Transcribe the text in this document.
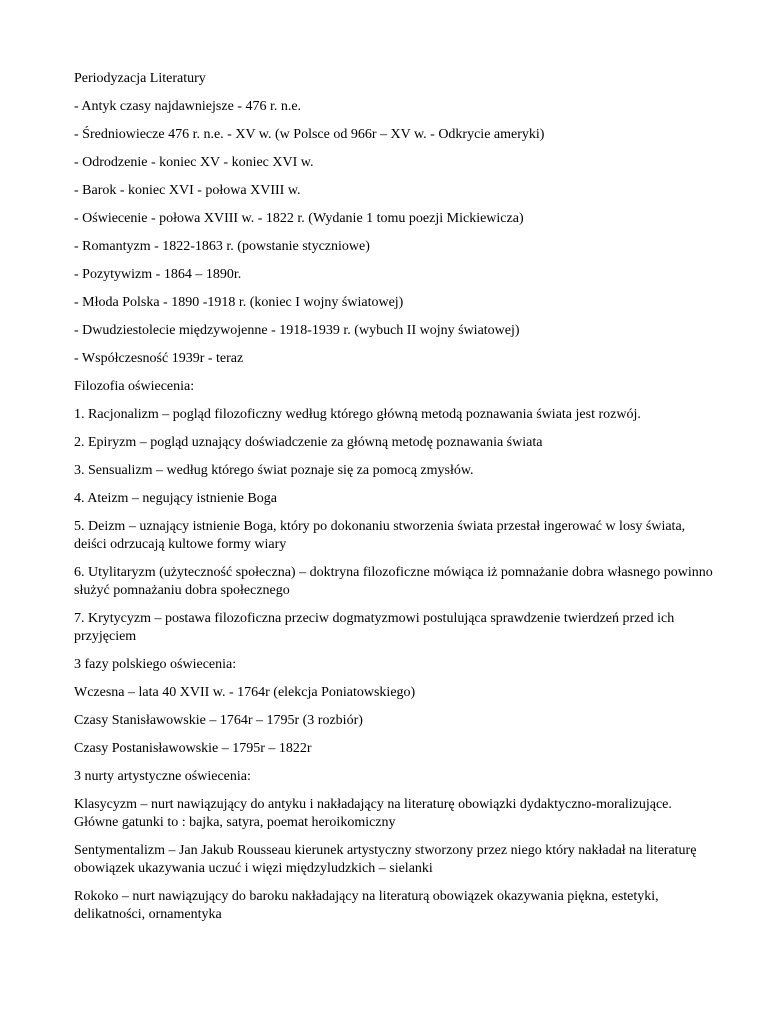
Periodyzacja Literatury

- Antyk czasy najdawniejsze - 476 r. n.e.

- Średniowiecze 476 r. n.e. - XV w. (w Polsce od 966r – XV w. - Odkrycie ameryki)

- Odrodzenie - koniec XV - koniec XVI w.

- Barok - koniec XVI - połowa XVIII w.

- Oświecenie - połowa XVIII w. - 1822 r. (Wydanie 1 tomu poezji Mickiewicza)

- Romantyzm - 1822-1863 r. (powstanie styczniowe)

- Pozytywizm - 1864 – 1890r.

- Młoda Polska - 1890 -1918 r. (koniec I wojny światowej)

- Dwudziestolecie międzywojenne - 1918-1939 r. (wybuch II wojny światowej)

- Współczesność 1939r - teraz

Filozofia oświecenia:

1. Racjonalizm – pogląd filozoficzny według którego główną metodą poznawania świata jest rozwój.

2. Epiryzm – pogląd uznający doświadczenie za główną metodę poznawania świata

3. Sensualizm – według którego świat poznaje się za pomocą zmysłów.

4. Ateizm – negujący istnienie Boga

5. Deizm – uznający istnienie Boga, który po dokonaniu stworzenia świata przestał ingerować w losy świata, deiści odrzucają kultowe formy wiary

6. Utylitaryzm (użyteczność społeczna) – doktryna filozoficzne mówiąca iż pomnażanie dobra własnego powinno służyć pomnażaniu dobra społecznego

7. Krytycyzm – postawa filozoficzna przeciw dogmatyzmowi postulująca sprawdzenie twierdzeń przed ich przyjęciem

3 fazy polskiego oświecenia:

Wczesna – lata 40 XVII w. - 1764r (elekcja Poniatowskiego)

Czasy Stanisławowskie – 1764r – 1795r (3 rozbiór)

Czasy Postanisławowskie – 1795r – 1822r

3 nurty artystyczne oświecenia:

Klasycyzm – nurt nawiązujący do antyku i nakładający na literaturę obowiązki dydaktyczno-moralizujące. Główne gatunki to : bajka, satyra, poemat heroikomiczny

Sentymentalizm – Jan Jakub Rousseau kierunek artystyczny stworzony przez niego który nakładał na literaturę obowiązek ukazywania uczuć i więzi międzyludzkich – sielanki

Rokoko – nurt nawiązujący do baroku nakładający na literaturą obowiązek okazywania piękna, estetyki, delikatności, ornamentyka
